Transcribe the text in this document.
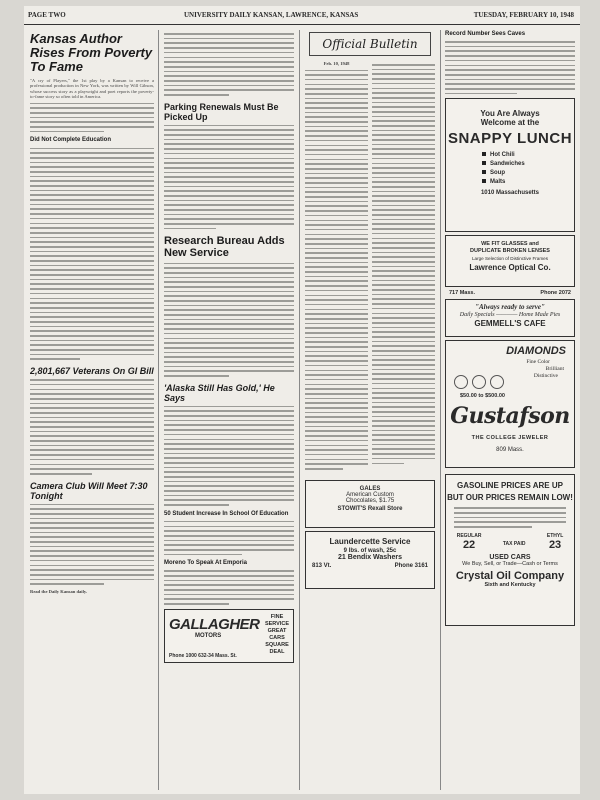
PAGE TWO	UNIVERSITY DAILY KANSAN, LAWRENCE, KANSAS	TUESDAY, FEBRUARY 10, 1948
Kansas Author Rises From Poverty To Fame

"A cry of Players," the 1st play by a Kansan to receive a professional production in New York, was written by Will Gibson, whose success story as a playwright and poet reports the poverty-to-fame story so often told in America.

Did Not Complete Education
2,801,667 Veterans On GI Bill
Camera Club Will Meet 7:30 Tonight

Read the Daily Kansan daily.

Parking Renewals Must Be Picked Up
Research Bureau Adds New Service
'Alaska Still Has Gold,' He Says
50 Student Increase In School Of Education
Moreno To Speak At Emporia
GALLAGHER
MOTORS
Phone 1000 632-34 Mass. St.
FINE SERVICE GREAT CARS SQUARE DEAL
Official Bulletin

Feb. 10, 1948

GALES
American Custom
Chocolates, $1.75
STOWIT'S Rexall Store
Laundercette Service
9 lbs. of wash, 25c
21 Bendix Washers
813 Vt.	Phone 3161
Record Number Sees Caves
You Are Always Welcome at the
SNAPPY LUNCH
Hot Chili
Sandwiches
Soup
Malts
1010 Massachusetts
WE FIT GLASSES and DUPLICATE BROKEN LENSES
Large Selection of Distinctive Frames
Lawrence Optical Co.
717 Mass.	Phone 2072
"Always ready to serve"
Daily Specials ———— Home Made Pies
GEMMELL'S CAFE
DIAMONDS
Fine Color
Brilliant
Distinctive
$50.00 to $500.00
Gustafson
THE COLLEGE JEWELER
809 Mass.
GASOLINE PRICES ARE UP
BUT OUR PRICES REMAIN LOW!
REGULAR
22	TAX PAID
ETHYL
23
USED CARS
We Buy, Sell, or Trade—Cash or Terms
Crystal Oil Company
Sixth and Kentucky
